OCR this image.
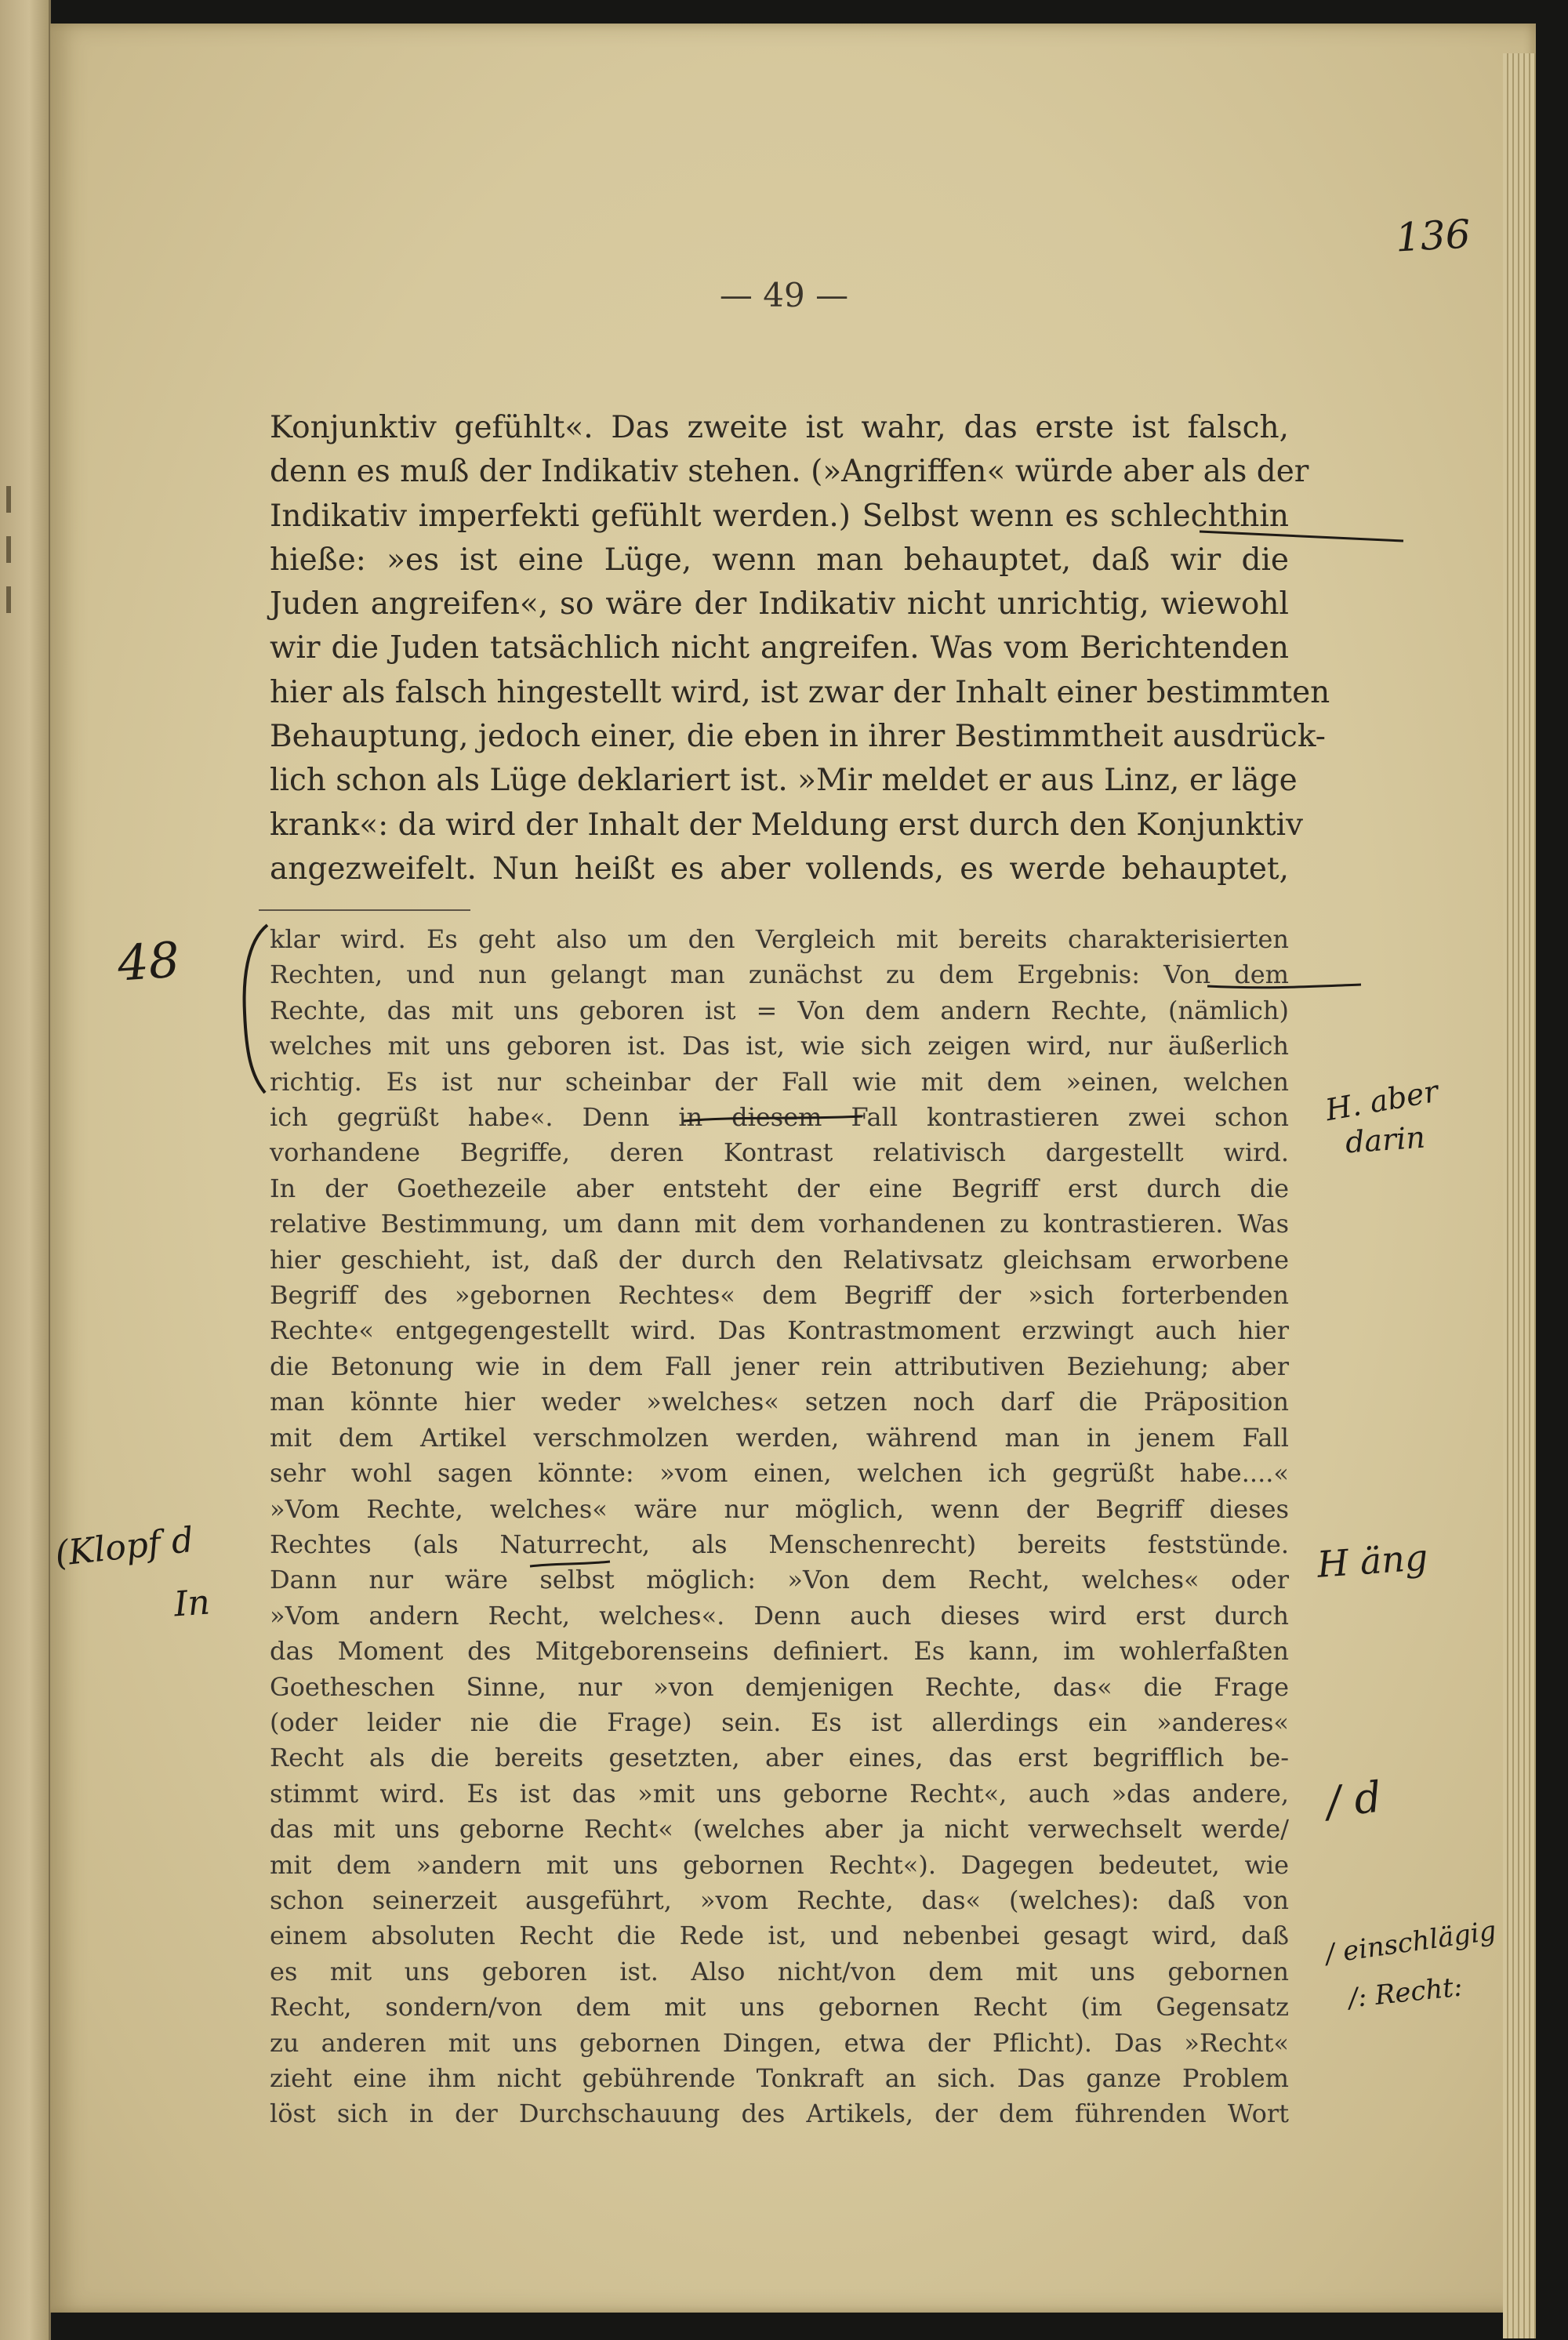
136
— 49 —
Konjunktiv gefühlt«. Das zweite ist wahr, das erste ist falsch,
denn es muß der Indikativ stehen. (»Angriffen« würde aber als der
Indikativ imperfekti gefühlt werden.) Selbst wenn es schlechthin
hieße: »es ist eine Lüge, wenn man behauptet, daß wir die
Juden angreifen«, so wäre der Indikativ nicht unrichtig, wiewohl
wir die Juden tatsächlich nicht angreifen. Was vom Berichtenden
hier als falsch hingestellt wird, ist zwar der Inhalt einer bestimmten
Behauptung, jedoch einer, die eben in ihrer Bestimmtheit ausdrück-
lich schon als Lüge deklariert ist. »Mir meldet er aus Linz, er läge
krank«: da wird der Inhalt der Meldung erst durch den Konjunktiv
angezweifelt. Nun heißt es aber vollends, es werde behauptet,
klar wird. Es geht also um den Vergleich mit bereits charakterisierten
Rechten, und nun gelangt man zunächst zu dem Ergebnis: Von dem
Rechte, das mit uns geboren ist = Von dem andern Rechte, (nämlich)
welches mit uns geboren ist. Das ist, wie sich zeigen wird, nur äußerlich
richtig. Es ist nur scheinbar der Fall wie mit dem »einen, welchen
ich gegrüßt habe«. Denn in diesem Fall kontrastieren zwei schon
vorhandene Begriffe, deren Kontrast relativisch dargestellt wird.
In der Goethezeile aber entsteht der eine Begriff erst durch die
relative Bestimmung, um dann mit dem vorhandenen zu kontrastieren. Was
hier geschieht, ist, daß der durch den Relativsatz gleichsam erworbene
Begriff des »gebornen Rechtes« dem Begriff der »sich forterbenden
Rechte« entgegengestellt wird. Das Kontrastmoment erzwingt auch hier
die Betonung wie in dem Fall jener rein attributiven Beziehung; aber
man könnte hier weder »welches« setzen noch darf die Präposition
mit dem Artikel verschmolzen werden, während man in jenem Fall
sehr wohl sagen könnte: »vom einen, welchen ich gegrüßt habe....«
»Vom Rechte, welches« wäre nur möglich, wenn der Begriff dieses
Rechtes (als Naturrecht, als Menschenrecht) bereits feststünde.
Dann nur wäre selbst möglich: »Von dem Recht, welches« oder
»Vom andern Recht, welches«. Denn auch dieses wird erst durch
das Moment des Mitgeborenseins definiert. Es kann, im wohlerfaßten
Goetheschen Sinne, nur »von demjenigen Rechte, das« die Frage
(oder leider nie die Frage) sein. Es ist allerdings ein »anderes«
Recht als die bereits gesetzten, aber eines, das erst begrifflich be-
stimmt wird. Es ist das »mit uns geborne Recht«, auch »das andere,
das mit uns geborne Recht« (welches aber ja nicht verwechselt werde/
mit dem »andern mit uns gebornen Recht«). Dagegen bedeutet, wie
schon seinerzeit ausgeführt, »vom Rechte, das« (welches): daß von
einem absoluten Recht die Rede ist, und nebenbei gesagt wird, daß
es mit uns geboren ist. Also nicht/von dem mit uns gebornen
Recht, sondern/von dem mit uns gebornen Recht (im Gegensatz
zu anderen mit uns gebornen Dingen, etwa der Pflicht). Das »Recht«
zieht eine ihm nicht gebührende Tonkraft an sich. Das ganze Problem
löst sich in der Durchschauung des Artikels, der dem führenden Wort
48
(Klopf d
In
H. aber
darin
H äng
/ d
/ einschlägig
/: Recht:
